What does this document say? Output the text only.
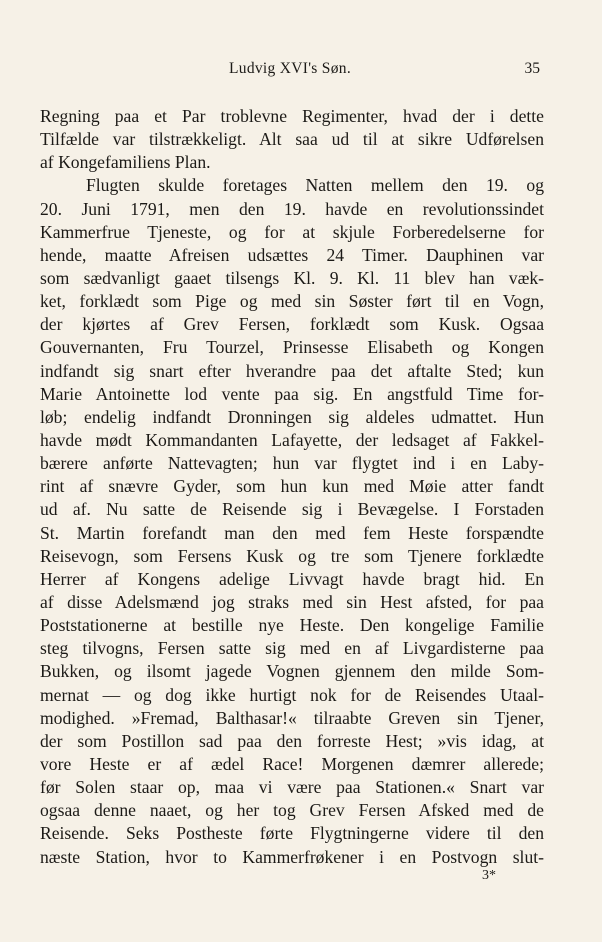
Ludvig XVI's Søn.	35
Regning paa et Par troblevne Regimenter, hvad der i dette
Tilfælde var tilstrækkeligt. Alt saa ud til at sikre Udførelsen
af Kongefamiliens Plan.
Flugten skulde foretages Natten mellem den 19. og
20. Juni 1791, men den 19. havde en revolutionssindet
Kammerfrue Tjeneste, og for at skjule Forberedelserne for
hende, maatte Afreisen udsættes 24 Timer. Dauphinen var
som sædvanligt gaaet tilsengs Kl. 9. Kl. 11 blev han væk-
ket, forklædt som Pige og med sin Søster ført til en Vogn,
der kjørtes af Grev Fersen, forklædt som Kusk. Ogsaa
Gouvernanten, Fru Tourzel, Prinsesse Elisabeth og Kongen
indfandt sig snart efter hverandre paa det aftalte Sted; kun
Marie Antoinette lod vente paa sig. En angstfuld Time for-
løb; endelig indfandt Dronningen sig aldeles udmattet. Hun
havde mødt Kommandanten Lafayette, der ledsaget af Fakkel-
bærere anførte Nattevagten; hun var flygtet ind i en Laby-
rint af snævre Gyder, som hun kun med Møie atter fandt
ud af. Nu satte de Reisende sig i Bevægelse. I Forstaden
St. Martin forefandt man den med fem Heste forspændte
Reisevogn, som Fersens Kusk og tre som Tjenere forklædte
Herrer af Kongens adelige Livvagt havde bragt hid. En
af disse Adelsmænd jog straks med sin Hest afsted, for paa
Poststationerne at bestille nye Heste. Den kongelige Familie
steg tilvogns, Fersen satte sig med en af Livgardisterne paa
Bukken, og ilsomt jagede Vognen gjennem den milde Som-
mernat — og dog ikke hurtigt nok for de Reisendes Utaal-
modighed. »Fremad, Balthasar!« tilraabte Greven sin Tjener,
der som Postillon sad paa den forreste Hest; »vis idag, at
vore Heste er af ædel Race! Morgenen dæmrer allerede;
før Solen staar op, maa vi være paa Stationen.« Snart var
ogsaa denne naaet, og her tog Grev Fersen Afsked med de
Reisende. Seks Postheste førte Flygtningerne videre til den
næste Station, hvor to Kammerfrøkener i en Postvogn slut-
3*
